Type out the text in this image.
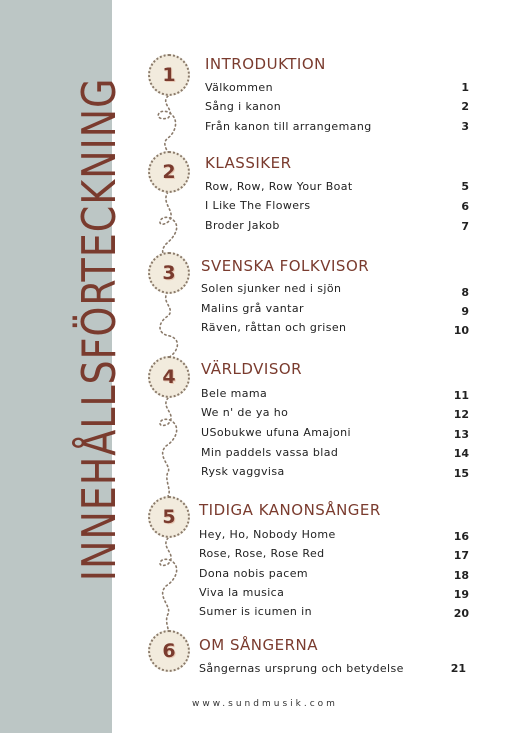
INNEHÅLLSFÖRTECKNING
1 INTRODUKTION
Välkommen	1
Sång i kanon	2
Från kanon till arrangemang	3
2 KLASSIKER
Row, Row, Row Your Boat	5
I Like The Flowers	6
Broder Jakob	7
3 SVENSKA FOLKVISOR
Solen sjunker ned i sjön	8
Malins grå vantar	9
Räven, råttan och grisen	10
4 VÄRLDVISOR
Bele mama	11
We n' de ya ho	12
USobukwe ufuna Amajoni	13
Min paddels vassa blad	14
Rysk vaggvisa	15
5 TIDIGA KANONSÅNGER
Hey, Ho, Nobody Home	16
Rose, Rose, Rose Red	17
Dona nobis pacem	18
Viva la musica	19
Sumer is icumen in	20
6 OM SÅNGERNA
Sångernas ursprung och betydelse	21
www.sundmusik.com
